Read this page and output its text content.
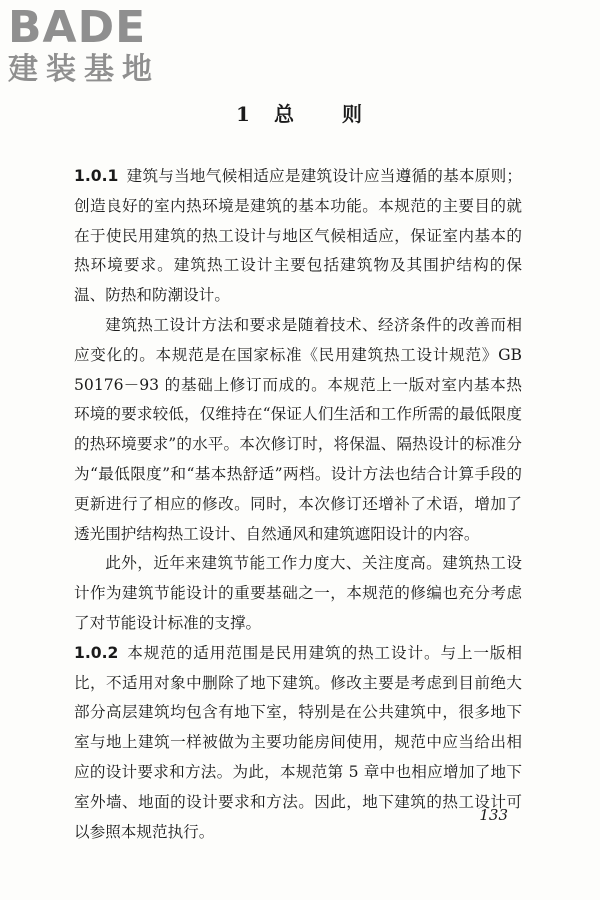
BADE
建装基地
1 总 则

1.0.1 建筑与当地气候相适应是建筑设计应当遵循的基本原则；创造良好的室内热环境是建筑的基本功能。本规范的主要目的就在于使民用建筑的热工设计与地区气候相适应，保证室内基本的热环境要求。建筑热工设计主要包括建筑物及其围护结构的保温、防热和防潮设计。

建筑热工设计方法和要求是随着技术、经济条件的改善而相应变化的。本规范是在国家标准《民用建筑热工设计规范》GB 50176－93 的基础上修订而成的。本规范上一版对室内基本热环境的要求较低，仅维持在“保证人们生活和工作所需的最低限度的热环境要求”的水平。本次修订时，将保温、隔热设计的标准分为“最低限度”和“基本热舒适”两档。设计方法也结合计算手段的更新进行了相应的修改。同时，本次修订还增补了术语，增加了透光围护结构热工设计、自然通风和建筑遮阳设计的内容。

此外，近年来建筑节能工作力度大、关注度高。建筑热工设计作为建筑节能设计的重要基础之一，本规范的修编也充分考虑了对节能设计标准的支撑。

1.0.2 本规范的适用范围是民用建筑的热工设计。与上一版相比，不适用对象中删除了地下建筑。修改主要是考虑到目前绝大部分高层建筑均包含有地下室，特别是在公共建筑中，很多地下室与地上建筑一样被做为主要功能房间使用，规范中应当给出相应的设计要求和方法。为此，本规范第 5 章中也相应增加了地下室外墙、地面的设计要求和方法。因此，地下建筑的热工设计可以参照本规范执行。

133
